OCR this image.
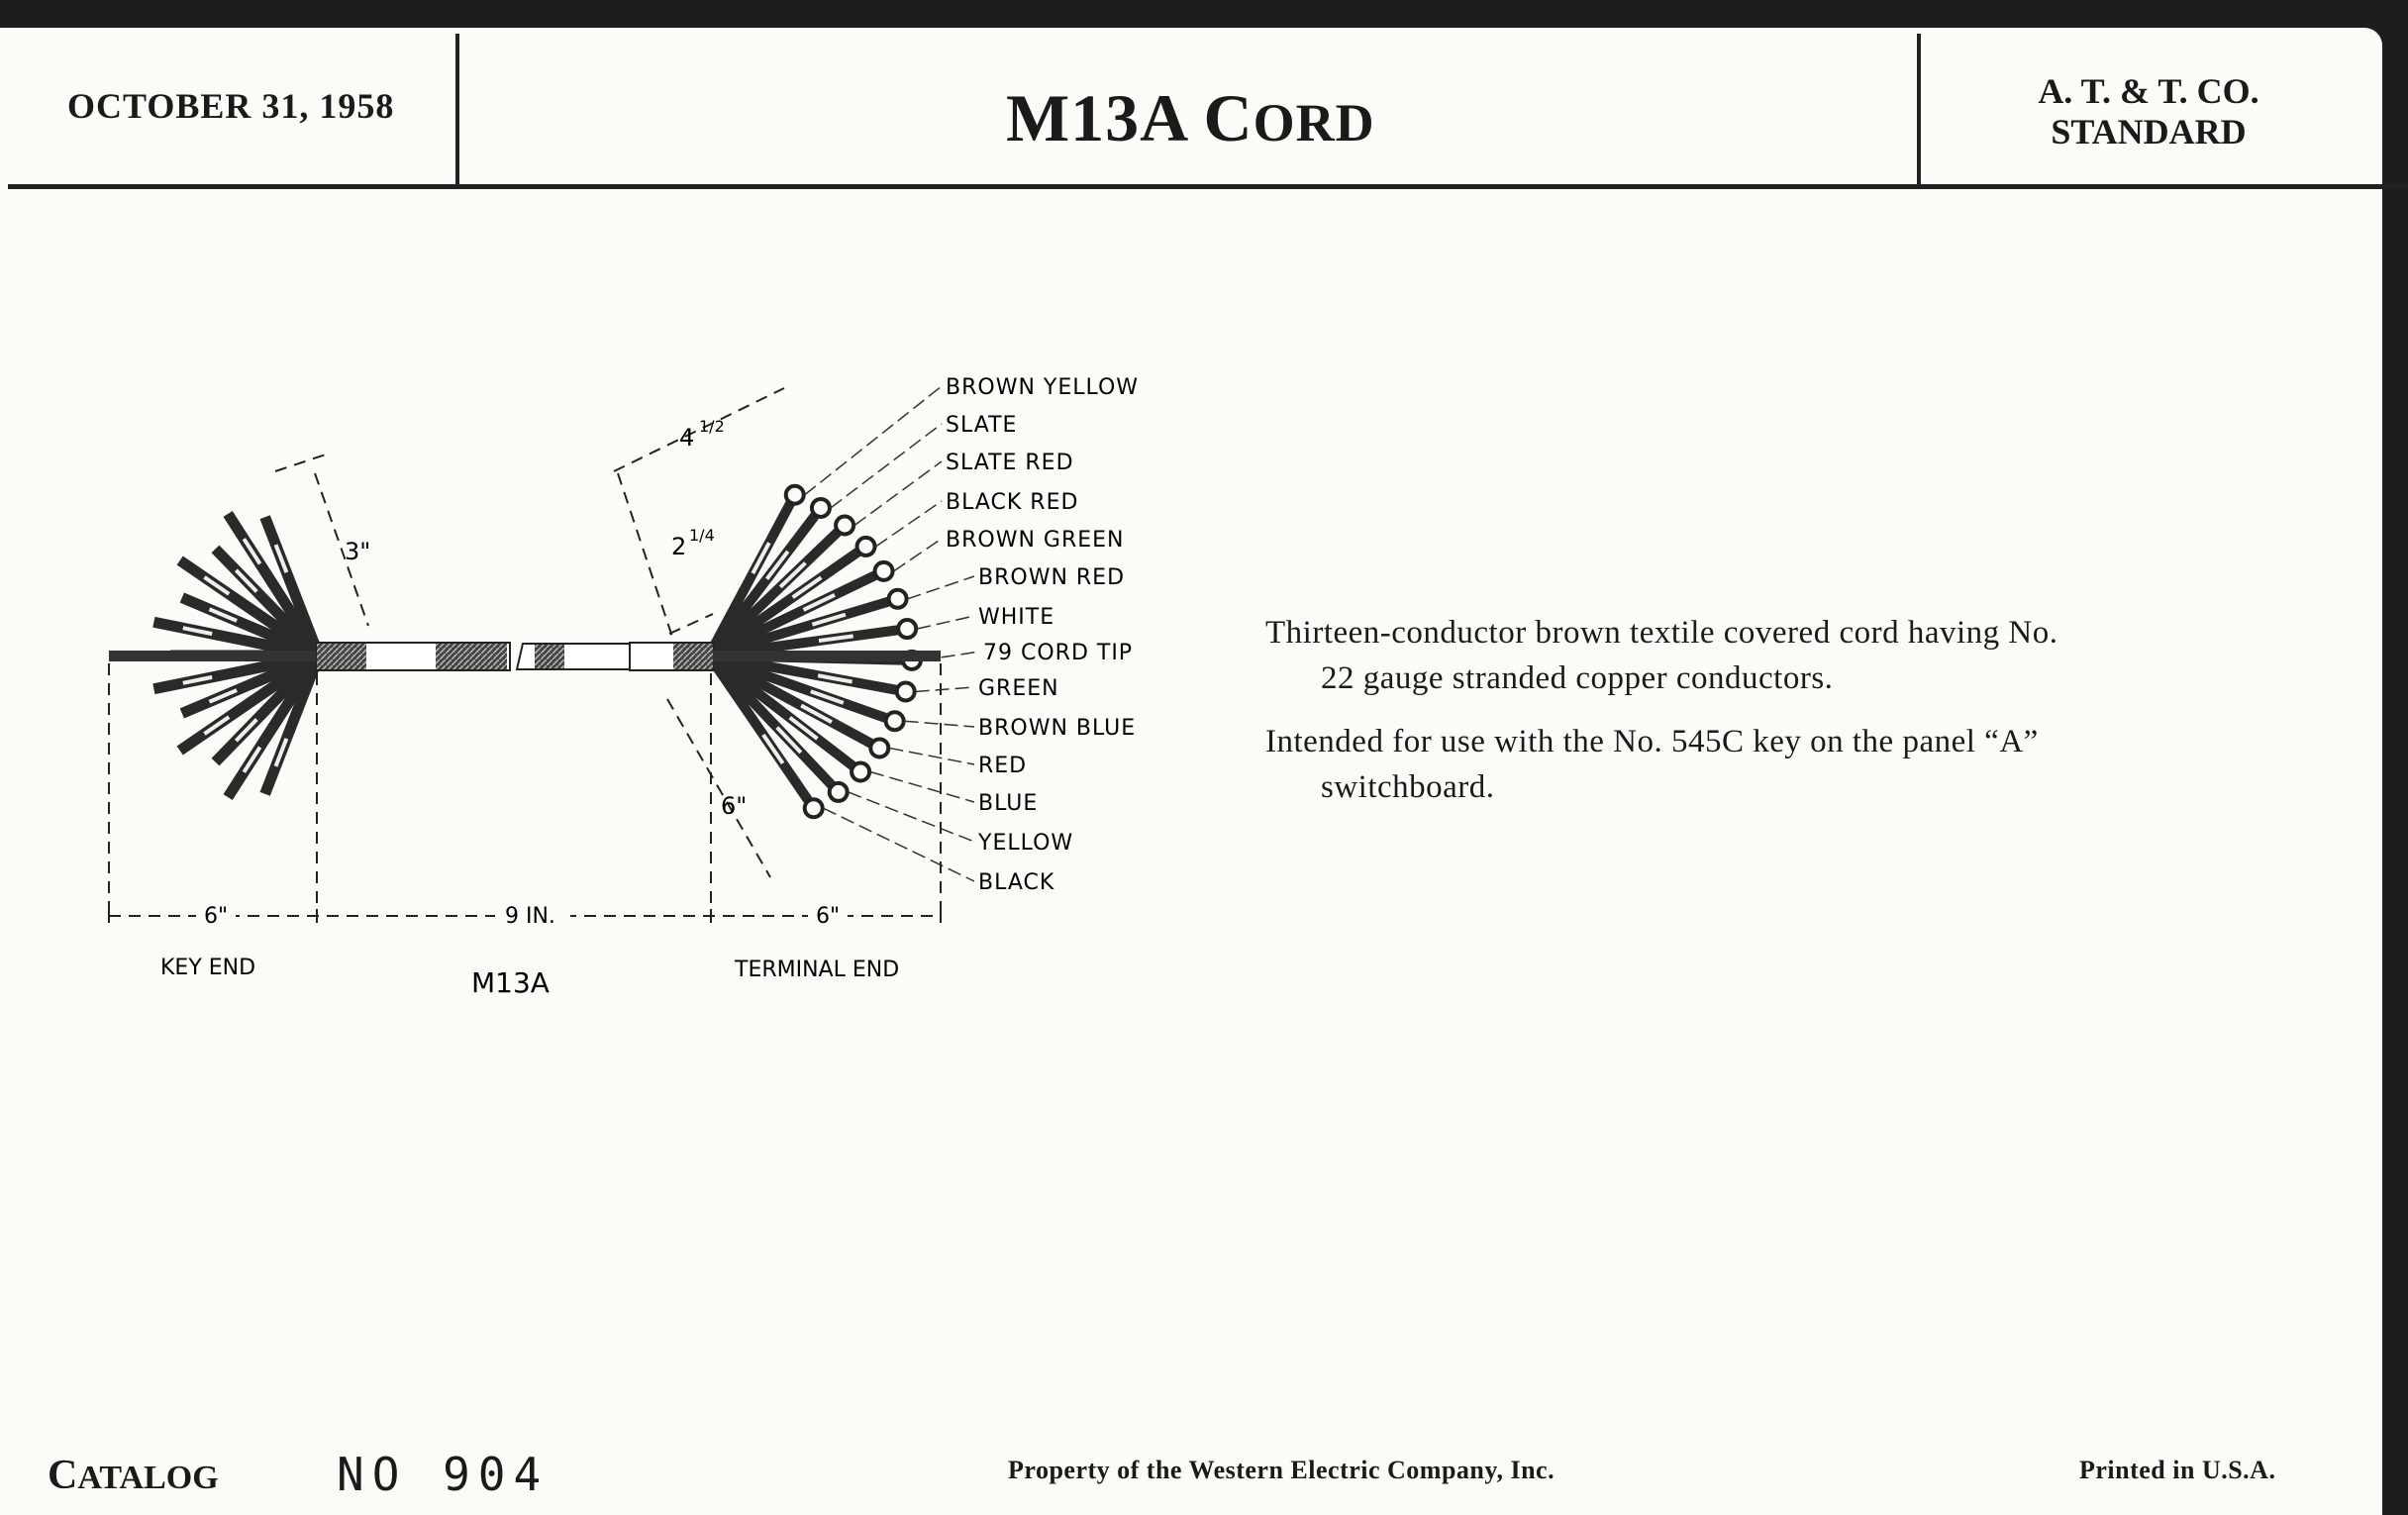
OCTOBER 31, 1958	M13A CORD
A. T. & T. CO.
STANDARD
Thirteen-conductor brown textile covered cord having No.
22 gauge stranded copper conductors.
Intended for use with the No. 545C key on the panel “A”
switchboard.
3"
4 1/2
2 1/4
6"
6"	9 IN.	6"
KEY END	M13A	TERMINAL END
BROWN YELLOW
SLATE
SLATE RED
BLACK RED
BROWN GREEN
BROWN RED
WHITE
79 CORD TIP
GREEN
BROWN BLUE
RED
BLUE
YELLOW
BLACK
CATALOG	NO 904	Property of the Western Electric Company, Inc.	Printed in U.S.A.
